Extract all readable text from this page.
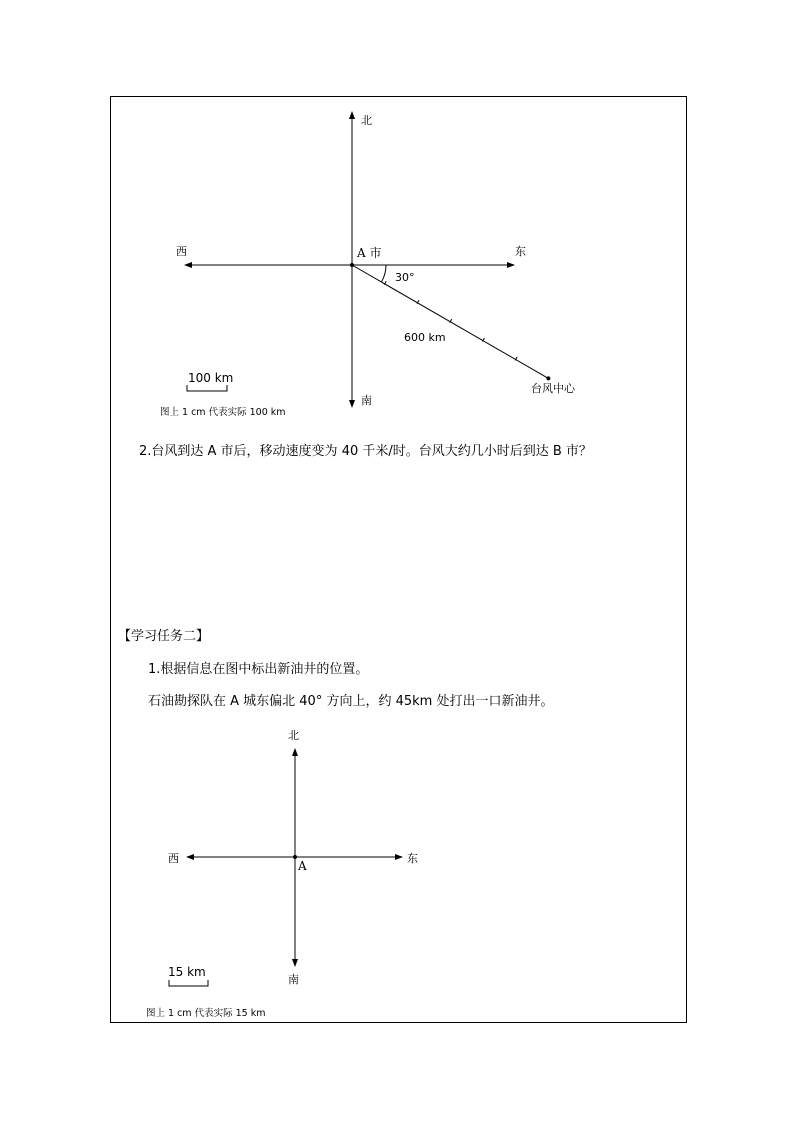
北
南
东
西	A 市
30°
600 km
台风中心
100 km
北
南
东
西
A
15 km
图上 1 cm 代表实际 100 km
2.台风到达 A 市后，移动速度变为 40 千米/时。台风大约几小时后到达 B 市？
【学习任务二】
1.根据信息在图中标出新油井的位置。
石油勘探队在 A 城东偏北 40° 方向上，约 45km 处打出一口新油井。
图上 1 cm 代表实际 15 km
